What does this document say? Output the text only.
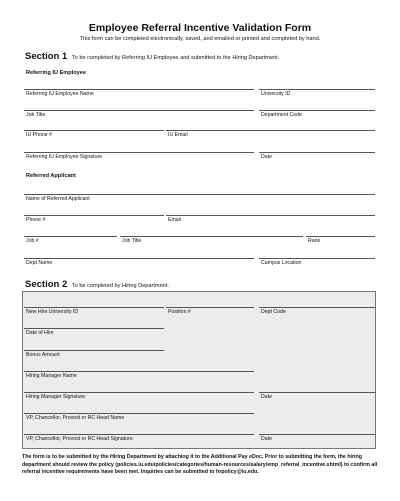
Employee Referral Incentive Validation Form
This form can be completed electronically, saved, and emailed or printed and completed by hand.
Section 1 To be completed by Referring IU Employee and submitted to the Hiring Department.
Referring IU Employee
Referring IU Employee Name	University ID
Job Title	Department Code
IU Phone #	IU Email
Referring IU Employee Signature	Date
Referred Applicant
Name of Referred Applicant
Phone #	Email
Job #	Job Title	Rank
Dept Name	Campus Location
Section 2 To be completed by Hiring Department.
New Hire University ID	Position #	Dept Code
Date of Hire
Bonus Amount
Hiring Manager Name
Hiring Manager Signature	Date
VP, Chancellor, Provost or RC Head Name
VP, Chancellor, Provost or RC Head Signature	Date
The form is to be submitted by the Hiring Department by attaching it to the Additional Pay eDoc. Prior to submitting the form, the hiring department should review the policy (policies.iu.edu/policies/categories/human-resources/salary/emp_referral_incentive.shtml) to confirm all referral incentive requirements have been met. Inquiries can be submitted to hrpolicy@iu.edu.
